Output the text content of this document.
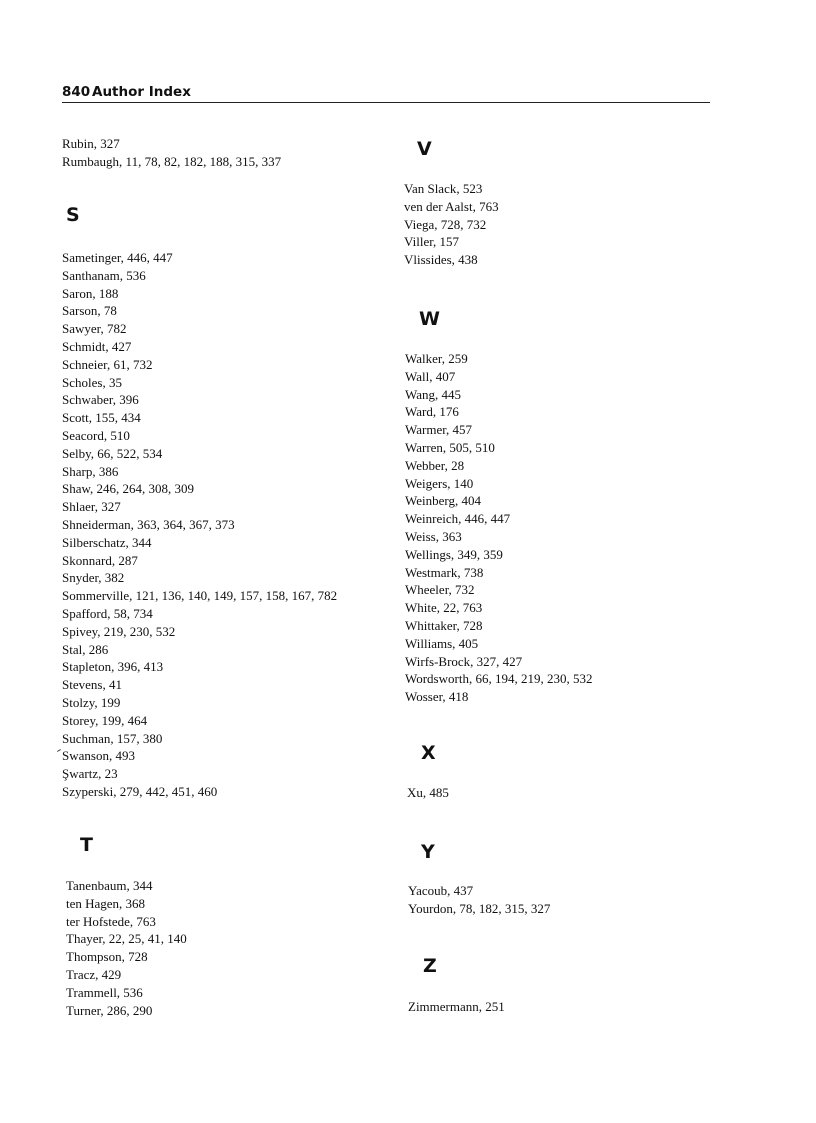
840 Author Index
Rubin, 327
Rumbaugh, 11, 78, 82, 182, 188, 315, 337
S
Sametinger, 446, 447
Santhanam, 536
Saron, 188
Sarson, 78
Sawyer, 782
Schmidt, 427
Schneier, 61, 732
Scholes, 35
Schwaber, 396
Scott, 155, 434
Seacord, 510
Selby, 66, 522, 534
Sharp, 386
Shaw, 246, 264, 308, 309
Shlaer, 327
Shneiderman, 363, 364, 367, 373
Silberschatz, 344
Skonnard, 287
Snyder, 382
Sommerville, 121, 136, 140, 149, 157, 158, 167, 782
Spafford, 58, 734
Spivey, 219, 230, 532
Stal, 286
Stapleton, 396, 413
Stevens, 41
Stolzy, 199
Storey, 199, 464
Suchman, 157, 380
Swanson, 493
Şwartz, 23
Szyperski, 279, 442, 451, 460
T
Tanenbaum, 344
ten Hagen, 368
ter Hofstede, 763
Thayer, 22, 25, 41, 140
Thompson, 728
Tracz, 429
Trammell, 536
Turner, 286, 290
V
Van Slack, 523
ven der Aalst, 763
Viega, 728, 732
Viller, 157
Vlissides, 438
W
Walker, 259
Wall, 407
Wang, 445
Ward, 176
Warmer, 457
Warren, 505, 510
Webber, 28
Weigers, 140
Weinberg, 404
Weinreich, 446, 447
Weiss, 363
Wellings, 349, 359
Westmark, 738
Wheeler, 732
White, 22, 763
Whittaker, 728
Williams, 405
Wirfs-Brock, 327, 427
Wordsworth, 66, 194, 219, 230, 532
Wosser, 418
X
Xu, 485
Y
Yacoub, 437
Yourdon, 78, 182, 315, 327
Z
Zimmermann, 251
